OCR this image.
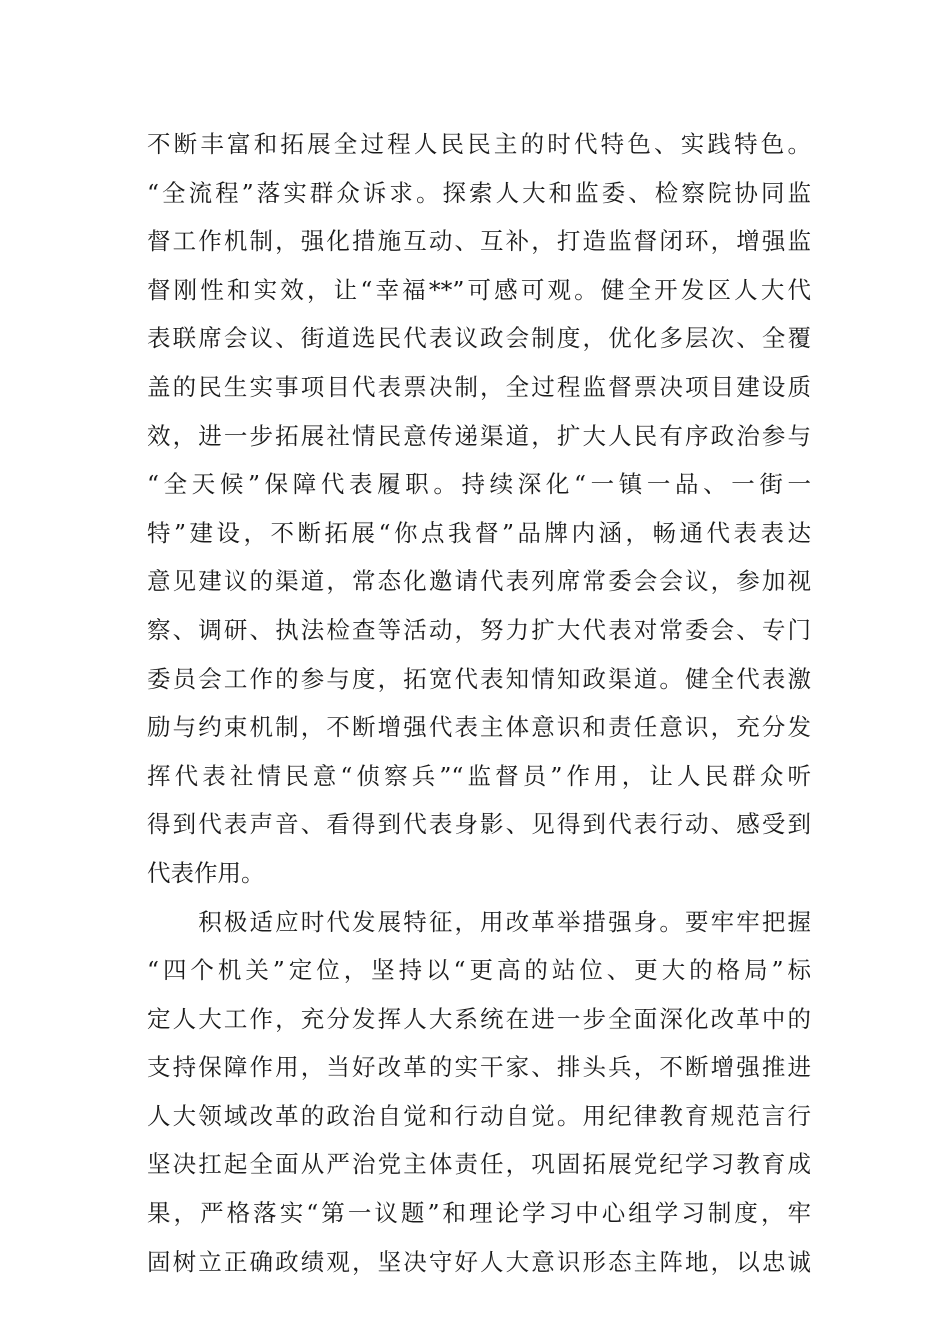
不断丰富和拓展全过程人民民主的时代特色、实践特色。
“全流程”落实群众诉求。探索人大和监委、检察院协同监
督工作机制，强化措施互动、互补，打造监督闭环，增强监
督刚性和实效，让“幸福**”可感可观。健全开发区人大代
表联席会议、街道选民代表议政会制度，优化多层次、全覆
盖的民生实事项目代表票决制，全过程监督票决项目建设质
效，进一步拓展社情民意传递渠道，扩大人民有序政治参与
“全天候”保障代表履职。持续深化“一镇一品、一街一
特”建设，不断拓展“你点我督”品牌内涵，畅通代表表达
意见建议的渠道，常态化邀请代表列席常委会会议，参加视
察、调研、执法检查等活动，努力扩大代表对常委会、专门
委员会工作的参与度，拓宽代表知情知政渠道。健全代表激
励与约束机制，不断增强代表主体意识和责任意识，充分发
挥代表社情民意“侦察兵”“监督员”作用，让人民群众听
得到代表声音、看得到代表身影、见得到代表行动、感受到
代表作用。
　　积极适应时代发展特征，用改革举措强身。要牢牢把握
“四个机关”定位，坚持以“更高的站位、更大的格局”标
定人大工作，充分发挥人大系统在进一步全面深化改革中的
支持保障作用，当好改革的实干家、排头兵，不断增强推进
人大领域改革的政治自觉和行动自觉。用纪律教育规范言行
坚决扛起全面从严治党主体责任，巩固拓展党纪学习教育成
果，严格落实“第一议题”和理论学习中心组学习制度，牢
固树立正确政绩观，坚决守好人大意识形态主阵地，以忠诚
